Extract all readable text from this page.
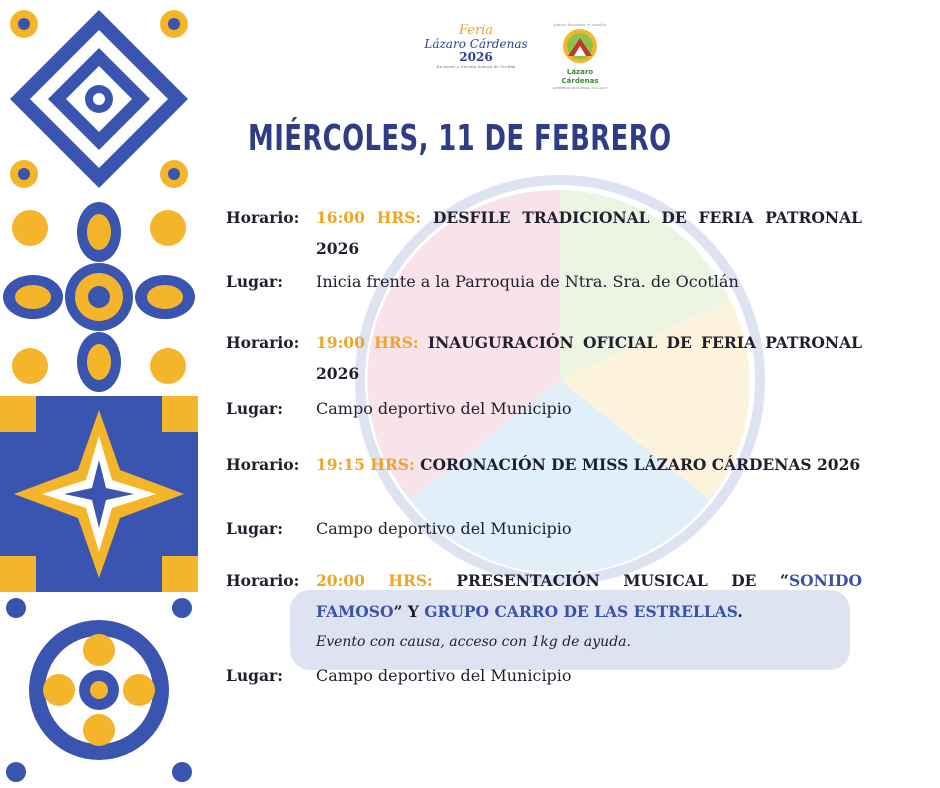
Feria
Lázaro Cárdenas
2026
En honor a Nuestra Señora de Ocotlán
Juntos hacemos el cambio
Lázaro Cárdenas
GOBIERNO MUNICIPAL 2024-2027
MIÉRCOLES, 11 DE FEBRERO
Horario: 16:00 HRS: DESFILE TRADICIONAL DE FERIA PATRONAL 2026
Lugar: Inicia frente a la Parroquia de Ntra. Sra. de Ocotlán
Horario: 19:00 HRS: INAUGURACIÓN OFICIAL DE FERIA PATRONAL 2026
Lugar: Campo deportivo del Municipio
Horario: 19:15 HRS: CORONACIÓN DE MISS LÁZARO CÁRDENAS 2026
Lugar: Campo deportivo del Municipio
Horario: 20:00 HRS: PRESENTACIÓN MUSICAL DE “SONIDO FAMOSO” Y GRUPO CARRO DE LAS ESTRELLAS.
Evento con causa, acceso con 1kg de ayuda.
Lugar: Campo deportivo del Municipio
